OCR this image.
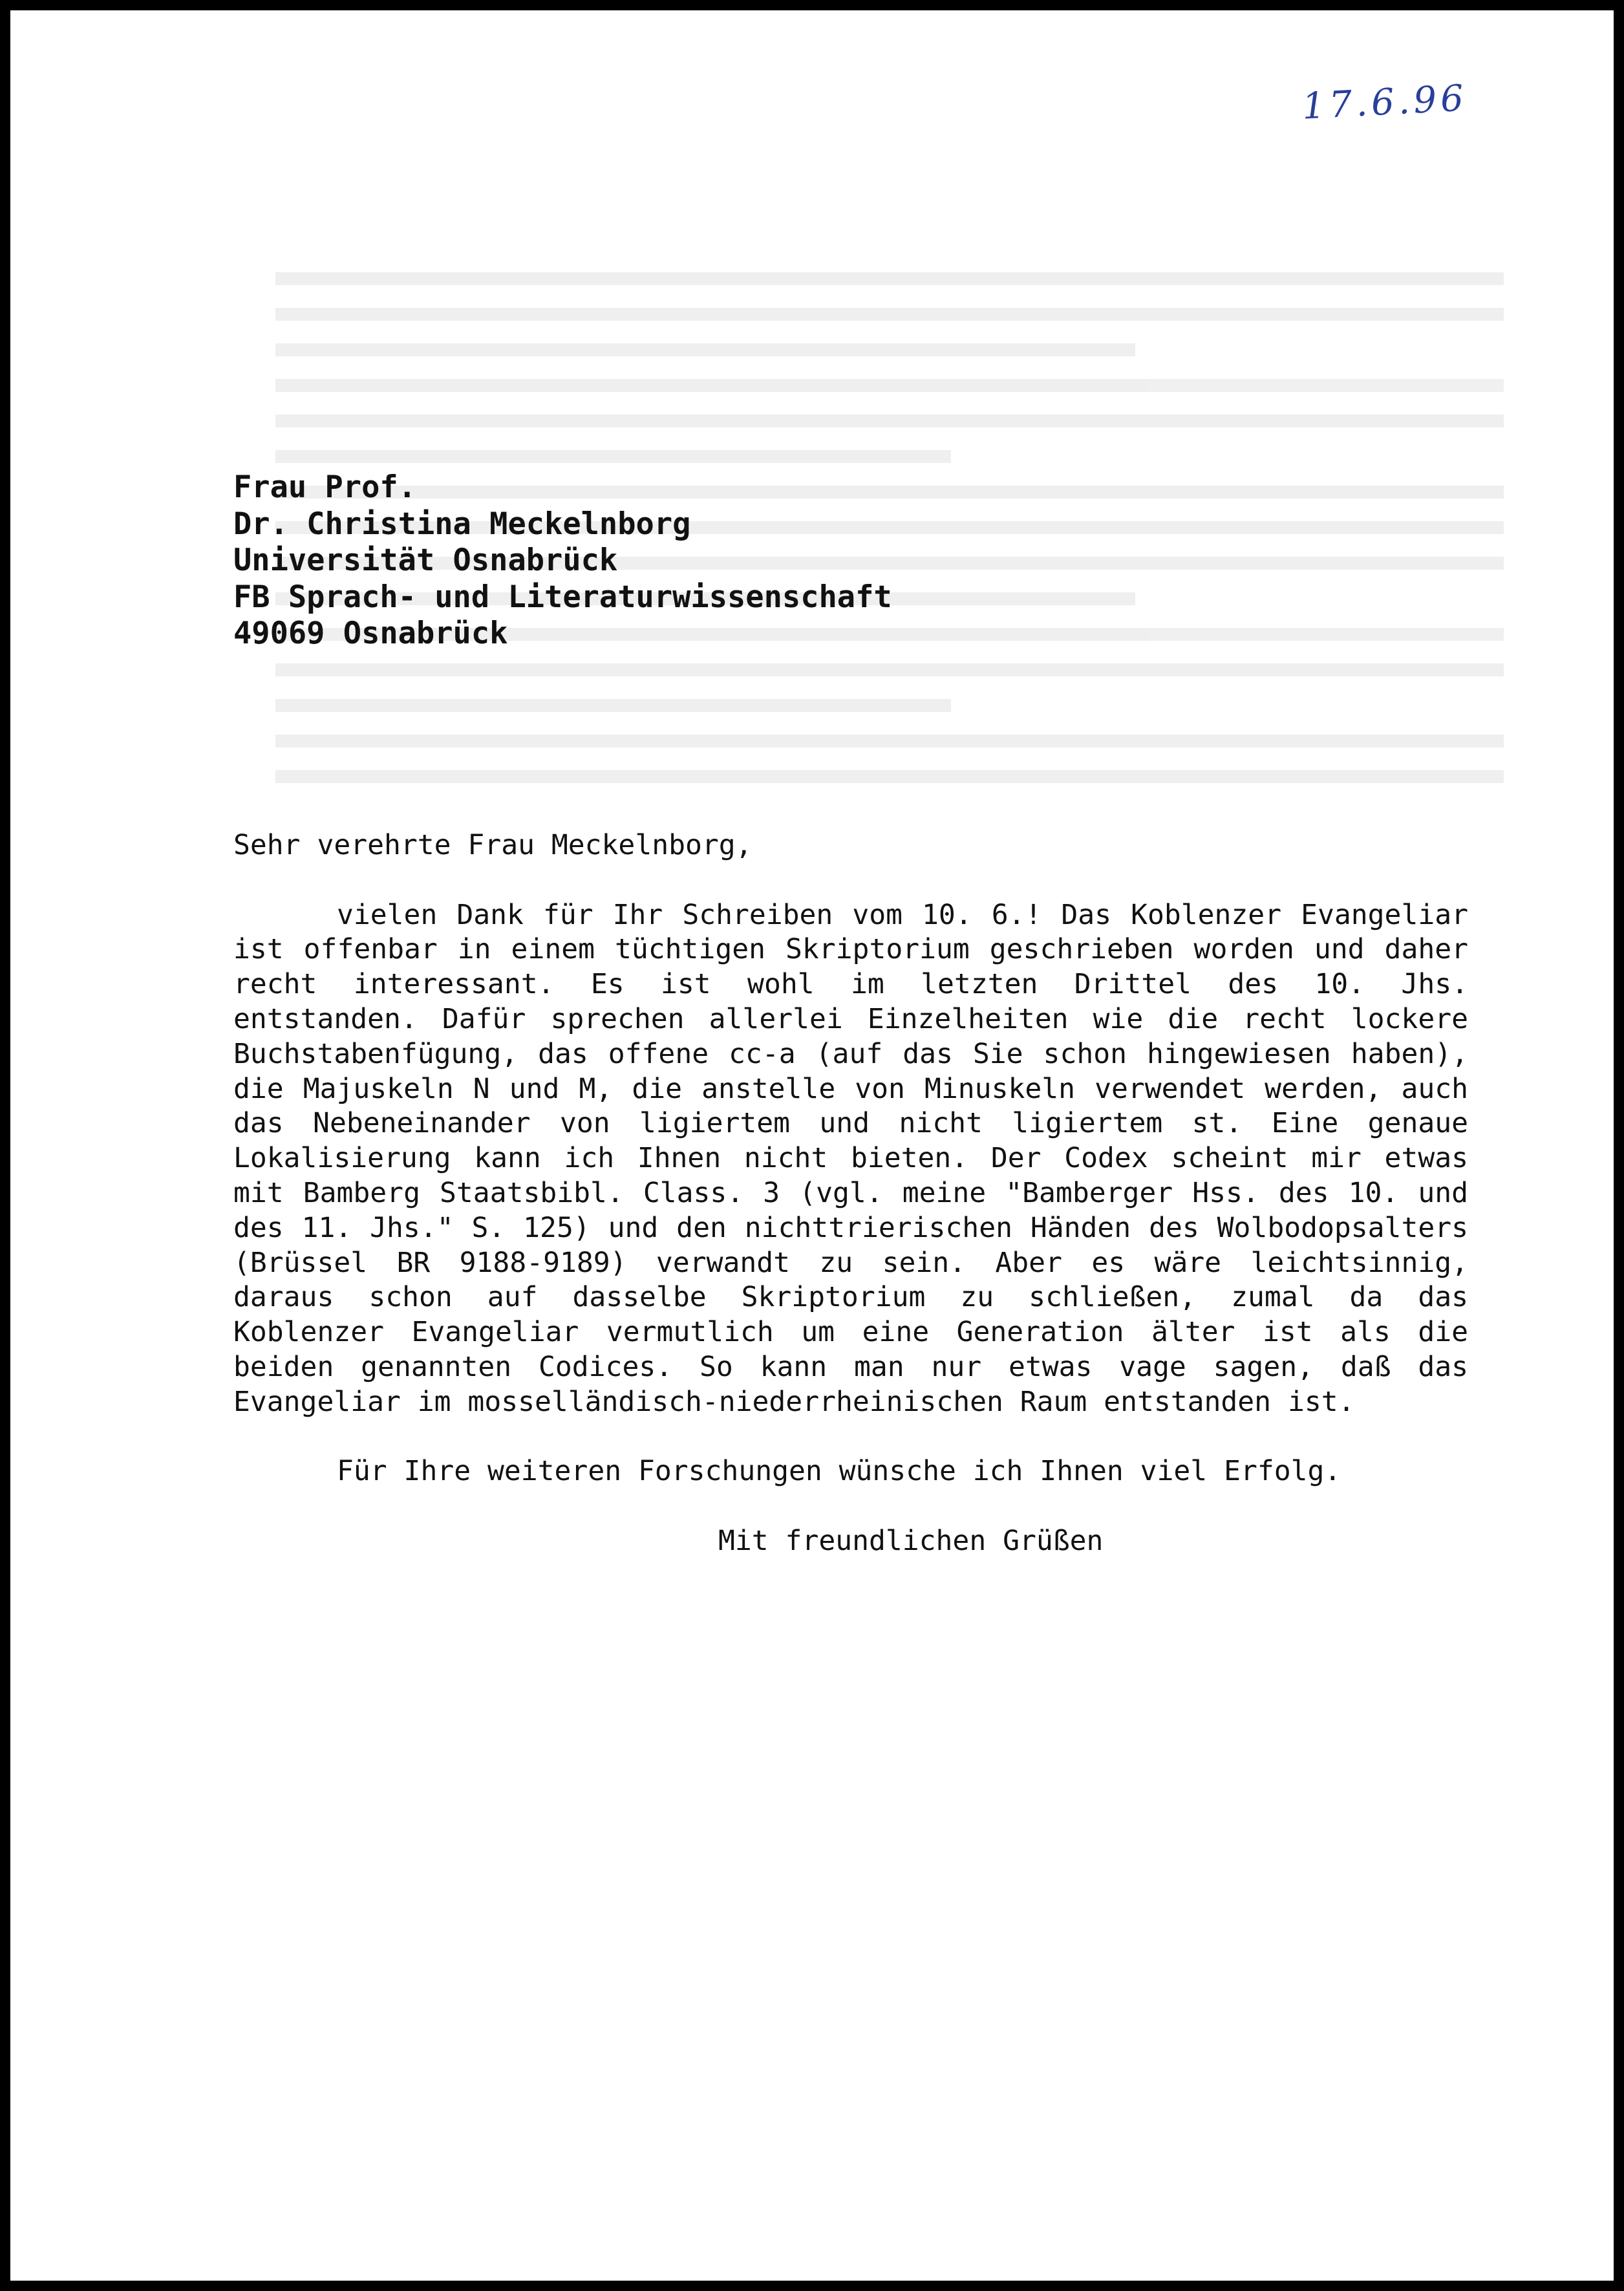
17.6.96
Frau Prof.
Dr. Christina Meckelnborg
Universität Osnabrück
FB Sprach- und Literaturwissenschaft
49069 Osnabrück
Sehr verehrte Frau Meckelnborg,
vielen Dank für Ihr Schreiben vom 10. 6.! Das Koblenzer Evangeliar ist offenbar in einem tüchtigen Skriptorium geschrieben worden und daher recht interessant. Es ist wohl im letzten Drittel des 10. Jhs. entstanden. Dafür sprechen allerlei Einzelheiten wie die recht lockere Buchstabenfügung, das offene cc-a (auf das Sie schon hingewiesen haben), die Majuskeln N und M, die anstelle von Minuskeln verwendet werden, auch das Nebeneinander von ligiertem und nicht ligiertem st. Eine genaue Lokalisierung kann ich Ihnen nicht bieten. Der Codex scheint mir etwas mit Bamberg Staatsbibl. Class. 3 (vgl. meine "Bamberger Hss. des 10. und des 11. Jhs." S. 125) und den nichttrierischen Händen des Wolbodopsalters (Brüssel BR 9188-9189) verwandt zu sein. Aber es wäre leichtsinnig, daraus schon auf dasselbe Skriptorium zu schließen, zumal da das Koblenzer Evangeliar vermutlich um eine Generation älter ist als die beiden genannten Codices. So kann man nur etwas vage sagen, daß das Evangeliar im mosselländisch-niederrheinischen Raum entstanden ist.
Für Ihre weiteren Forschungen wünsche ich Ihnen viel Erfolg.
Mit freundlichen Grüßen
